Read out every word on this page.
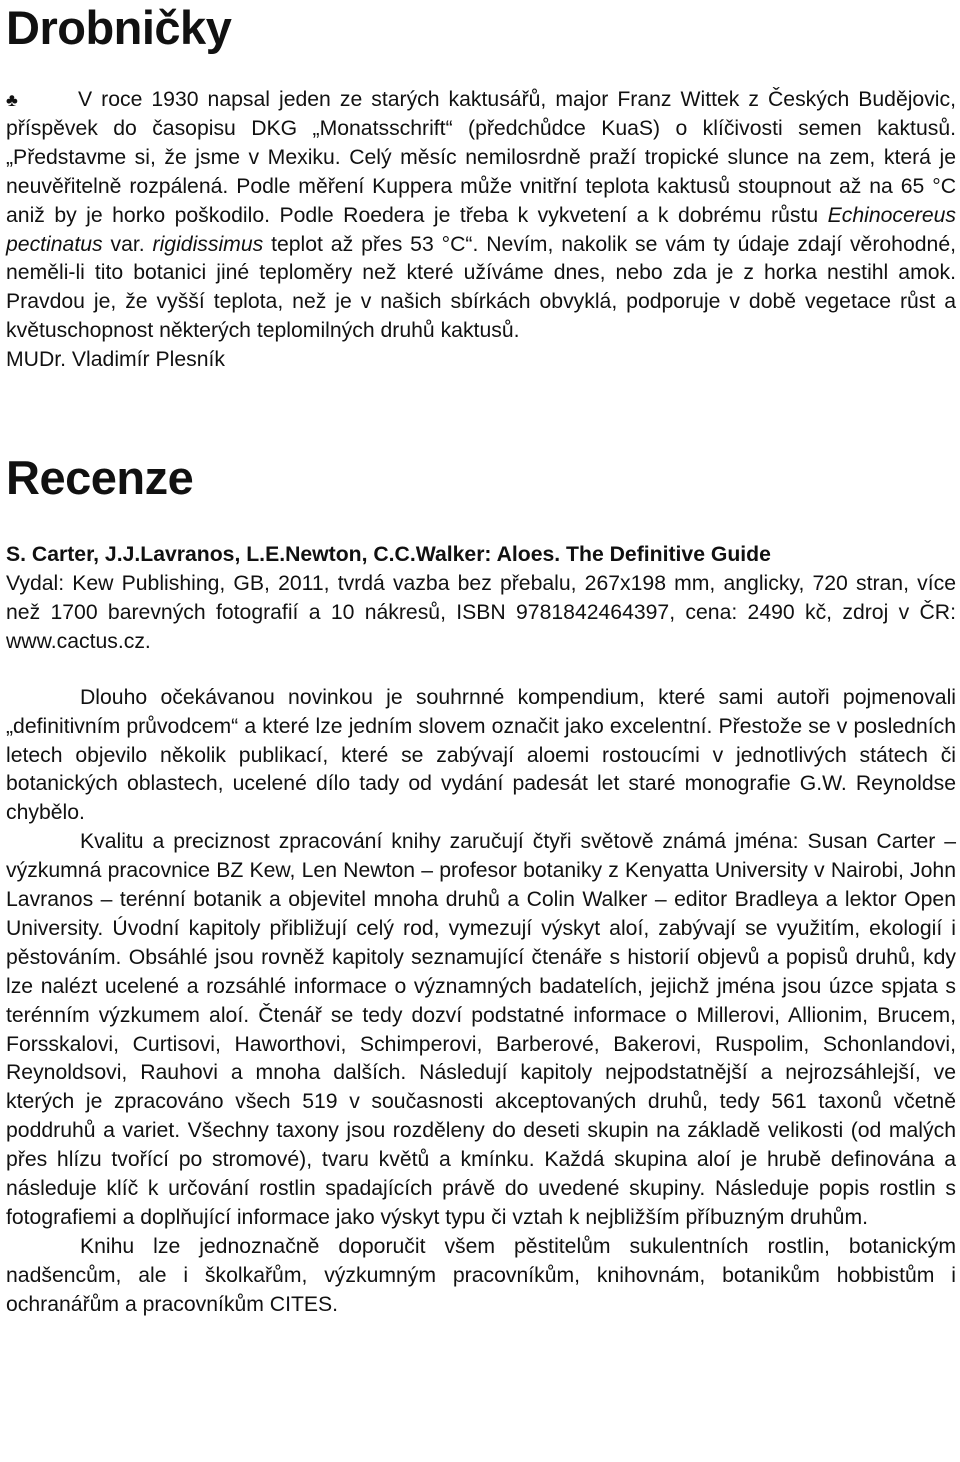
Drobničky

♣	V roce 1930 napsal jeden ze starých kaktusářů, major Franz Wittek z Českých Budějovic, příspěvek do časopisu DKG „Monatsschrift“ (předchůdce KuaS) o klíčivosti semen kaktusů. „Představme si, že jsme v Mexiku. Celý měsíc nemilosrdně praží tropické slunce na zem, která je neuvěřitelně rozpálená. Podle měření Kuppera může vnitřní teplota kaktusů stoupnout až na 65 °C aniž by je horko poškodilo. Podle Roedera je třeba k vykvetení a k dobrému růstu Echinocereus pectinatus var. rigidissimus teplot až přes 53 °C“. Nevím, nakolik se vám ty údaje zdají věrohodné, neměli-li tito botanici jiné teploměry než které užíváme dnes, nebo zda je z horka nestihl amok. Pravdou je, že vyšší teplota, než je v našich sbírkách obvyklá, podporuje v době vegetace růst a květuschopnost některých teplomilných druhů kaktusů.

MUDr. Vladimír Plesník

Recenze

S. Carter, J.J.Lavranos, L.E.Newton, C.C.Walker: Aloes. The Definitive Guide

Vydal: Kew Publishing, GB, 2011, tvrdá vazba bez přebalu, 267x198 mm, anglicky, 720 stran, více než 1700 barevných fotografií a 10 nákresů, ISBN 9781842464397, cena: 2490 kč, zdroj v ČR: www.cactus.cz.

Dlouho očekávanou novinkou je souhrnné kompendium, které sami autoři pojmenovali „definitivním průvodcem“ a které lze jedním slovem označit jako excelentní. Přestože se v posledních letech objevilo několik publikací, které se zabývají aloemi rostoucími v jednotlivých státech či botanických oblastech, ucelené dílo tady od vydání padesát let staré monografie G.W. Reynoldse chybělo.

Kvalitu a preciznost zpracování knihy zaručují čtyři světově známá jména: Susan Carter –výzkumná pracovnice BZ Kew, Len Newton – profesor botaniky z Kenyatta University v Nairobi, John Lavranos – terénní botanik a objevitel mnoha druhů a Colin Walker – editor Bradleya a lektor Open University. Úvodní kapitoly přibližují celý rod, vymezují výskyt aloí, zabývají se využitím, ekologií i pěstováním. Obsáhlé jsou rovněž kapitoly seznamující čtenáře s historií objevů a popisů druhů, kdy lze nalézt ucelené a rozsáhlé informace o významných badatelích, jejichž jména jsou úzce spjata s terénním výzkumem aloí. Čtenář se tedy dozví podstatné informace o Millerovi, Allionim, Brucem, Forsskalovi, Curtisovi, Haworthovi, Schimperovi, Barberové, Bakerovi, Ruspolim, Schonlandovi, Reynoldsovi, Rauhovi a mnoha dalších. Následují kapitoly nejpodstatnější a nejrozsáhlejší, ve kterých je zpracováno všech 519 v současnosti akceptovaných druhů, tedy 561 taxonů včetně poddruhů a variet. Všechny taxony jsou rozděleny do deseti skupin na základě velikosti (od malých přes hlízu tvořící po stromové), tvaru květů a kmínku. Každá skupina aloí je hrubě definována a následuje klíč k určování rostlin spadajících právě do uvedené skupiny. Následuje popis rostlin s fotografiemi a doplňující informace jako výskyt typu či vztah k nejbližším příbuzným druhům.

Knihu lze jednoznačně doporučit všem pěstitelům sukulentních rostlin, botanickým nadšencům, ale i školkařům, výzkumným pracovníkům, knihovnám, botanikům hobbistům i ochranářům a pracovníkům CITES.
